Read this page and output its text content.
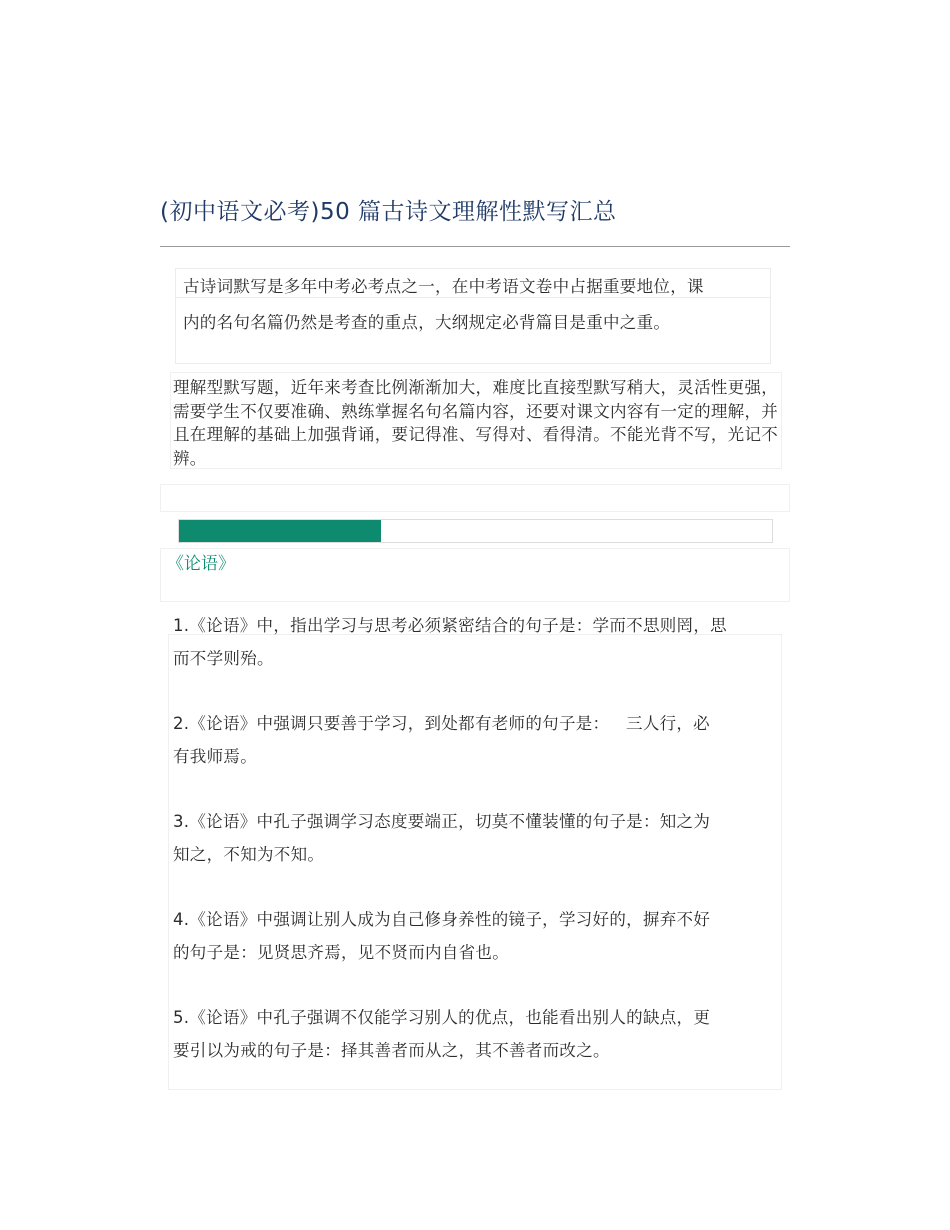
(初中语文必考)50 篇古诗文理解性默写汇总
古诗词默写是多年中考必考点之一，在中考语文卷中占据重要地位，课
内的名句名篇仍然是考查的重点，大纲规定必背篇目是重中之重。

理解型默写题，近年来考查比例渐渐加大，难度比直接型默写稍大，灵活性更强，需要学生不仅要准确、熟练掌握名句名篇内容，还要对课文内容有一定的理解，并且在理解的基础上加强背诵，要记得准、写得对、看得清。不能光背不写，光记不辨。

《论语》
1.《论语》中，指出学习与思考必须紧密结合的句子是：学而不思则罔，思
而不学则殆。
2.《论语》中强调只要善于学习，到处都有老师的句子是：   三人行，必
有我师焉。
3.《论语》中孔子强调学习态度要端正，切莫不懂装懂的句子是：知之为
知之，不知为不知。
4.《论语》中强调让别人成为自己修身养性的镜子，学习好的，摒弃不好
的句子是：见贤思齐焉，见不贤而内自省也。
5.《论语》中孔子强调不仅能学习别人的优点，也能看出别人的缺点，更
要引以为戒的句子是：择其善者而从之，其不善者而改之。
